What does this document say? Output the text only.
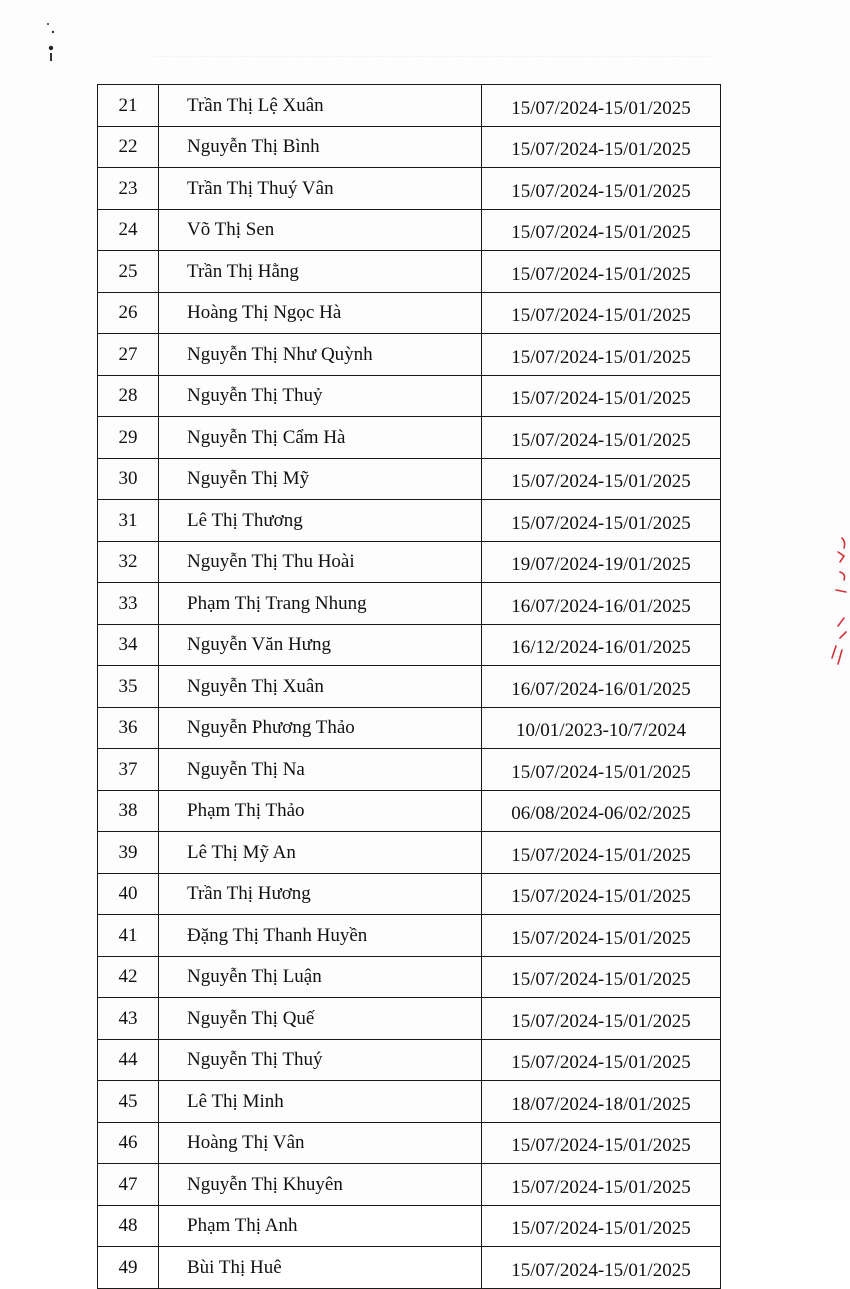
21	Trần Thị Lệ Xuân	15/07/2024-15/01/2025
22	Nguyễn Thị Bình	15/07/2024-15/01/2025
23	Trần Thị Thuý Vân	15/07/2024-15/01/2025
24	Võ Thị Sen	15/07/2024-15/01/2025
25	Trần Thị Hằng	15/07/2024-15/01/2025
26	Hoàng Thị Ngọc Hà	15/07/2024-15/01/2025
27	Nguyễn Thị Như Quỳnh	15/07/2024-15/01/2025
28	Nguyễn Thị Thuỷ	15/07/2024-15/01/2025
29	Nguyễn Thị Cẩm Hà	15/07/2024-15/01/2025
30	Nguyễn Thị Mỹ	15/07/2024-15/01/2025
31	Lê Thị Thương	15/07/2024-15/01/2025
32	Nguyễn Thị Thu Hoài	19/07/2024-19/01/2025
33	Phạm Thị Trang Nhung	16/07/2024-16/01/2025
34	Nguyễn Văn Hưng	16/12/2024-16/01/2025
35	Nguyễn Thị Xuân	16/07/2024-16/01/2025
36	Nguyễn Phương Thảo	10/01/2023-10/7/2024
37	Nguyễn Thị Na	15/07/2024-15/01/2025
38	Phạm Thị Thảo	06/08/2024-06/02/2025
39	Lê Thị Mỹ An	15/07/2024-15/01/2025
40	Trần Thị Hương	15/07/2024-15/01/2025
41	Đặng Thị Thanh Huyền	15/07/2024-15/01/2025
42	Nguyễn Thị Luận	15/07/2024-15/01/2025
43	Nguyễn Thị Quế	15/07/2024-15/01/2025
44	Nguyễn Thị Thuý	15/07/2024-15/01/2025
45	Lê Thị Minh	18/07/2024-18/01/2025
46	Hoàng Thị Vân	15/07/2024-15/01/2025
47	Nguyễn Thị Khuyên	15/07/2024-15/01/2025
48	Phạm Thị Anh	15/07/2024-15/01/2025
49	Bùi Thị Huê	15/07/2024-15/01/2025
